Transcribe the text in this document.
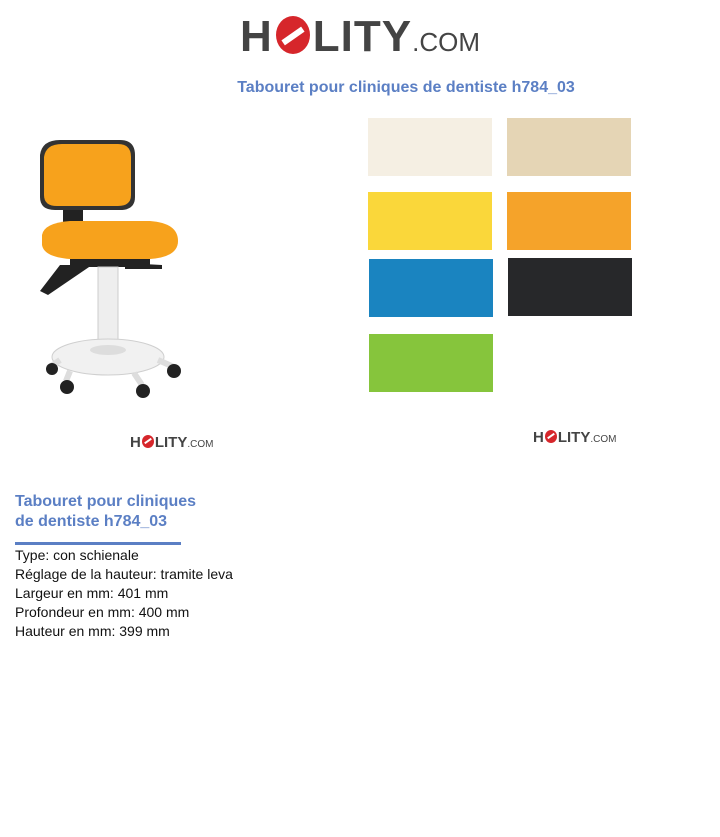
H LITY .COM
Tabouret pour cliniques de dentiste h784_03
H LITY .COM	H LITY .COM
Tabouret pour cliniques
de dentiste h784_03
Type: con schienale
Réglage de la hauteur: tramite leva
Largeur en mm: 401 mm
Profondeur en mm: 400 mm
Hauteur en mm: 399 mm
